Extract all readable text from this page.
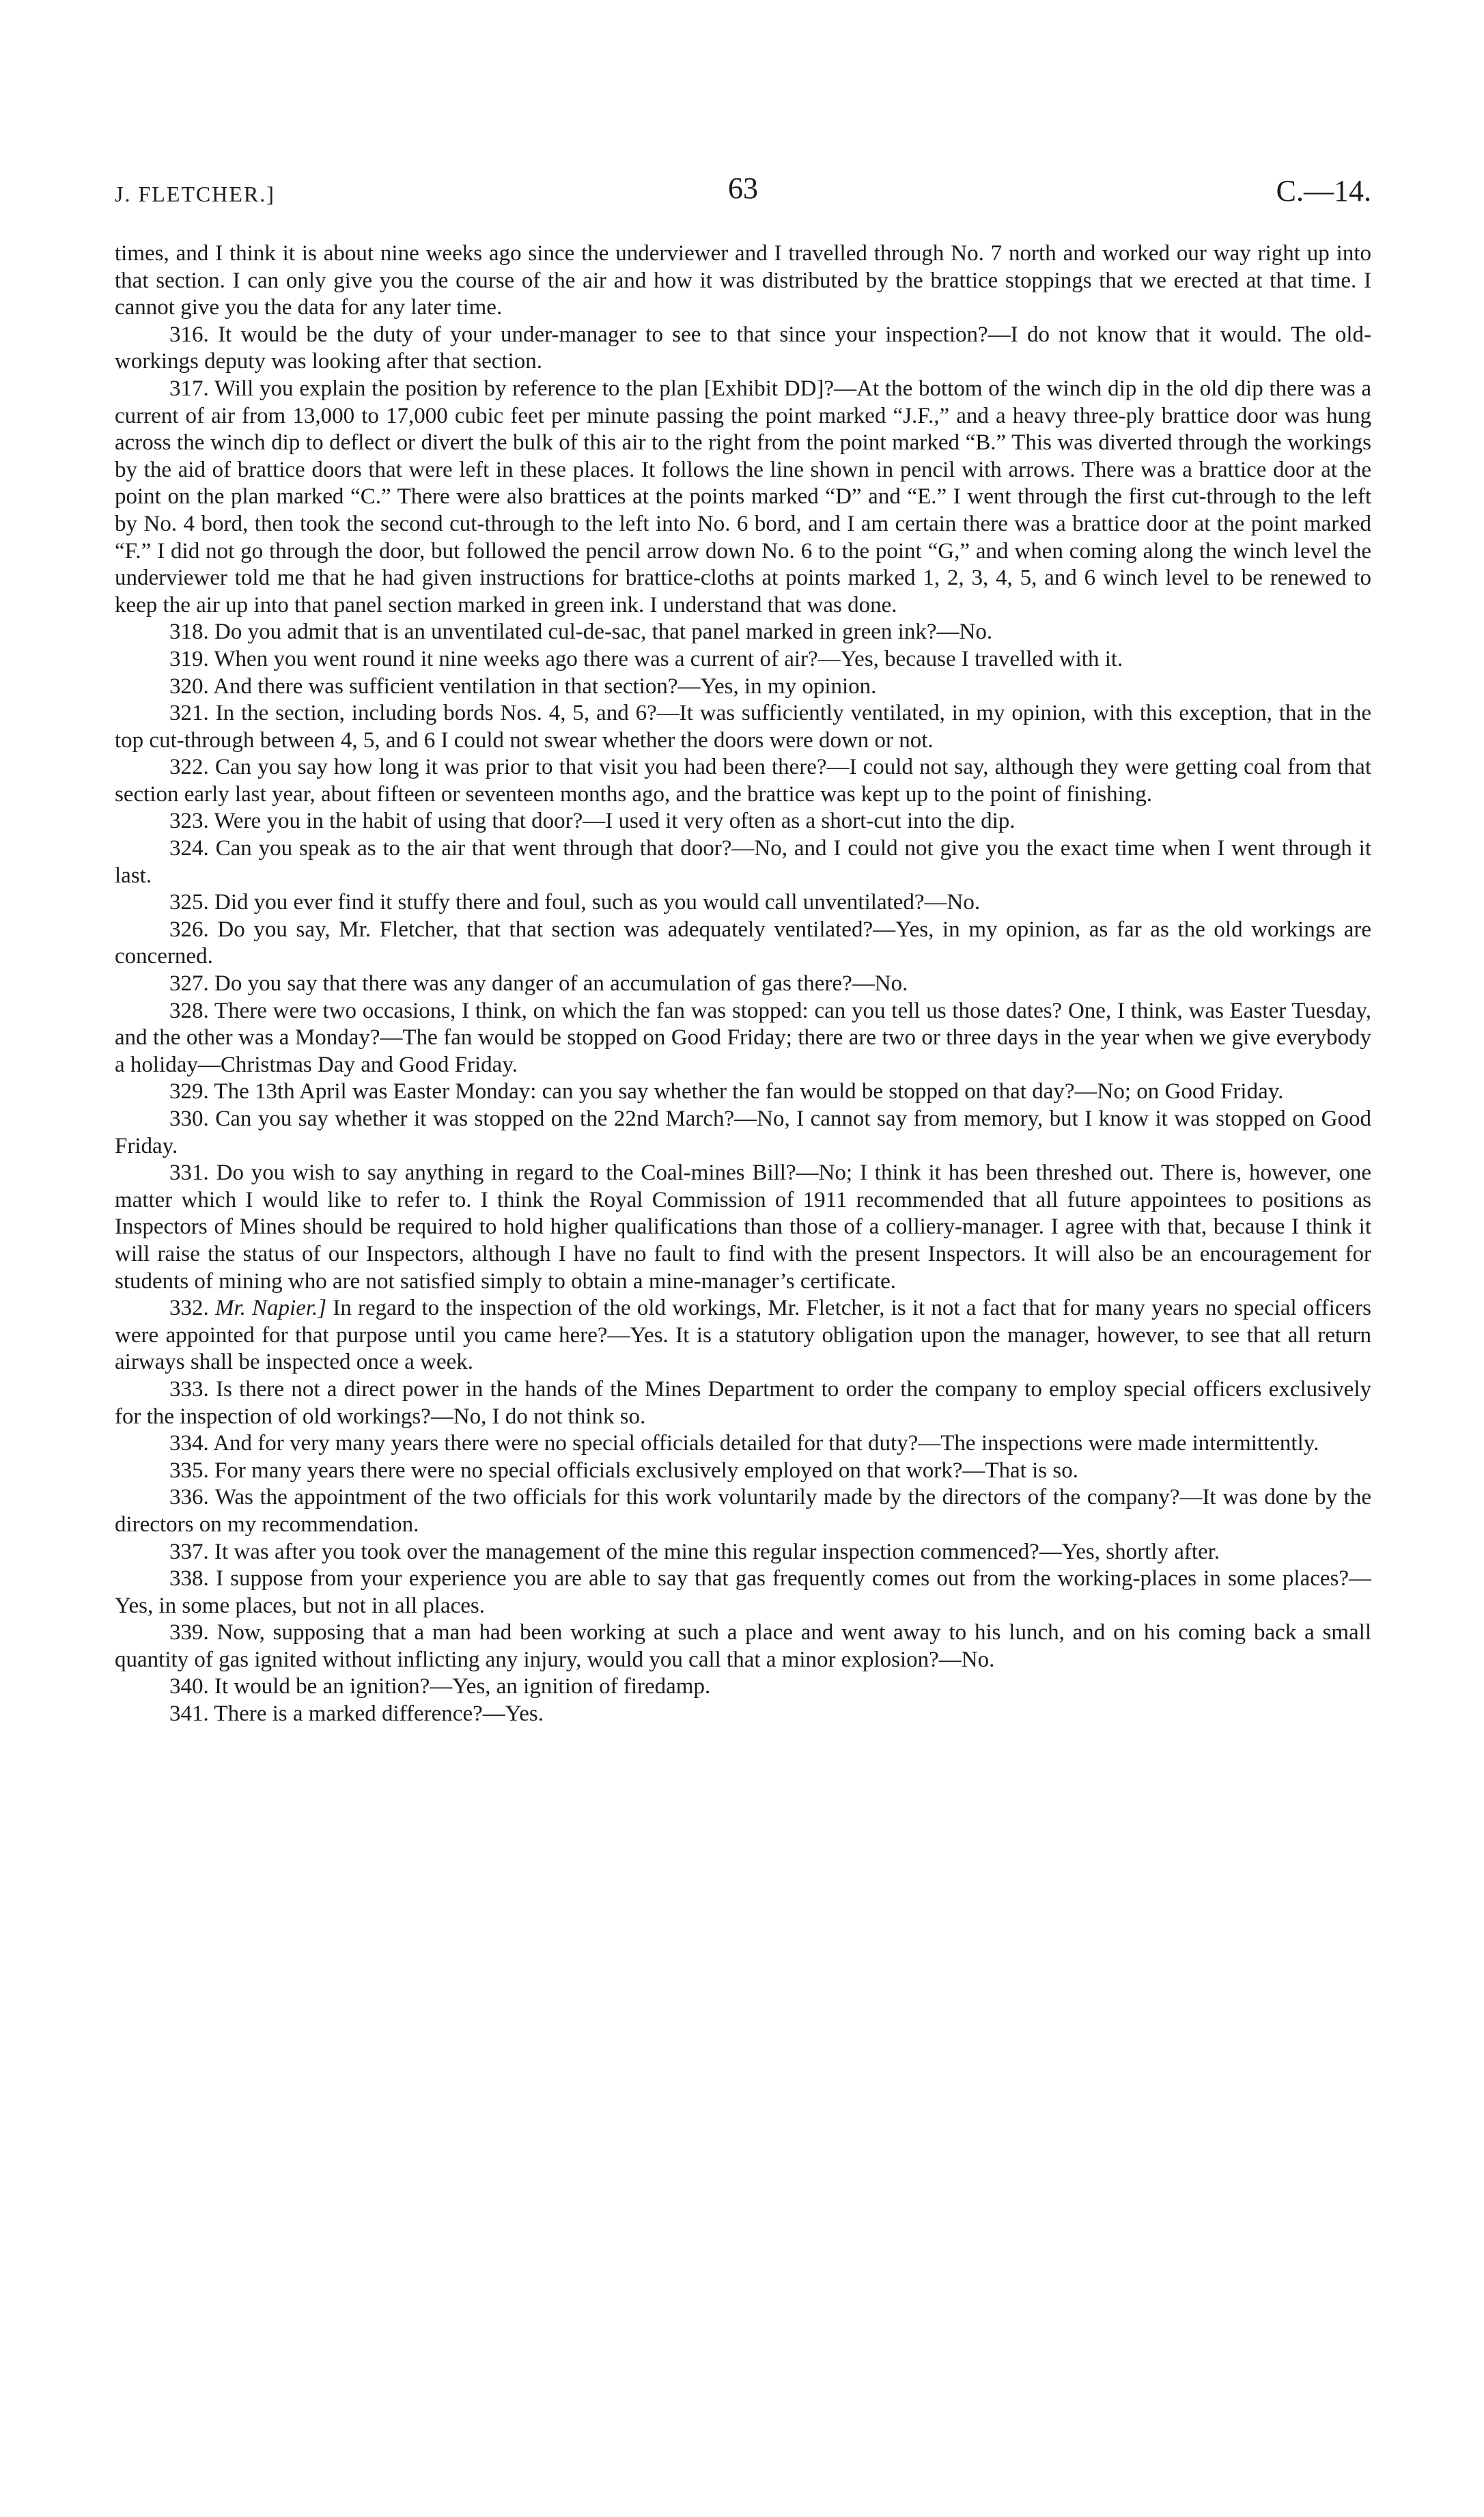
J. FLETCHER.]	63	C.—14.

times, and I think it is about nine weeks ago since the underviewer and I travelled through No. 7 north and worked our way right up into that section. I can only give you the course of the air and how it was distributed by the brattice stoppings that we erected at that time. I cannot give you the data for any later time.

316. It would be the duty of your under-manager to see to that since your inspection?—I do not know that it would. The old-workings deputy was looking after that section.

317. Will you explain the position by reference to the plan [Exhibit DD]?—At the bottom of the winch dip in the old dip there was a current of air from 13,000 to 17,000 cubic feet per minute passing the point marked “J.F.,” and a heavy three-ply brattice door was hung across the winch dip to deflect or divert the bulk of this air to the right from the point marked “B.” This was diverted through the workings by the aid of brattice doors that were left in these places. It follows the line shown in pencil with arrows. There was a brattice door at the point on the plan marked “C.” There were also brattices at the points marked “D” and “E.” I went through the first cut-through to the left by No. 4 bord, then took the second cut-through to the left into No. 6 bord, and I am certain there was a brattice door at the point marked “F.” I did not go through the door, but followed the pencil arrow down No. 6 to the point “G,” and when coming along the winch level the underviewer told me that he had given instructions for brattice-cloths at points marked 1, 2, 3, 4, 5, and 6 winch level to be renewed to keep the air up into that panel section marked in green ink. I understand that was done.

318. Do you admit that is an unventilated cul-de-sac, that panel marked in green ink?—No.

319. When you went round it nine weeks ago there was a current of air?—Yes, because I travelled with it.

320. And there was sufficient ventilation in that section?—Yes, in my opinion.

321. In the section, including bords Nos. 4, 5, and 6?—It was sufficiently ventilated, in my opinion, with this exception, that in the top cut-through between 4, 5, and 6 I could not swear whether the doors were down or not.

322. Can you say how long it was prior to that visit you had been there?—I could not say, although they were getting coal from that section early last year, about fifteen or seventeen months ago, and the brattice was kept up to the point of finishing.

323. Were you in the habit of using that door?—I used it very often as a short-cut into the dip.

324. Can you speak as to the air that went through that door?—No, and I could not give you the exact time when I went through it last.

325. Did you ever find it stuffy there and foul, such as you would call unventilated?—No.

326. Do you say, Mr. Fletcher, that that section was adequately ventilated?—Yes, in my opinion, as far as the old workings are concerned.

327. Do you say that there was any danger of an accumulation of gas there?—No.

328. There were two occasions, I think, on which the fan was stopped: can you tell us those dates? One, I think, was Easter Tuesday, and the other was a Monday?—The fan would be stopped on Good Friday; there are two or three days in the year when we give everybody a holiday—Christmas Day and Good Friday.

329. The 13th April was Easter Monday: can you say whether the fan would be stopped on that day?—No; on Good Friday.

330. Can you say whether it was stopped on the 22nd March?—No, I cannot say from memory, but I know it was stopped on Good Friday.

331. Do you wish to say anything in regard to the Coal-mines Bill?—No; I think it has been threshed out. There is, however, one matter which I would like to refer to. I think the Royal Commission of 1911 recommended that all future appointees to positions as Inspectors of Mines should be required to hold higher qualifications than those of a colliery-manager. I agree with that, because I think it will raise the status of our Inspectors, although I have no fault to find with the present Inspectors. It will also be an encouragement for students of mining who are not satisfied simply to obtain a mine-manager’s certificate.

332. Mr. Napier.] In regard to the inspection of the old workings, Mr. Fletcher, is it not a fact that for many years no special officers were appointed for that purpose until you came here?—Yes. It is a statutory obligation upon the manager, however, to see that all return airways shall be inspected once a week.

333. Is there not a direct power in the hands of the Mines Department to order the company to employ special officers exclusively for the inspection of old workings?—No, I do not think so.

334. And for very many years there were no special officials detailed for that duty?—The inspections were made intermittently.

335. For many years there were no special officials exclusively employed on that work?—That is so.

336. Was the appointment of the two officials for this work voluntarily made by the directors of the company?—It was done by the directors on my recommendation.

337. It was after you took over the management of the mine this regular inspection commenced?—Yes, shortly after.

338. I suppose from your experience you are able to say that gas frequently comes out from the working-places in some places?—Yes, in some places, but not in all places.

339. Now, supposing that a man had been working at such a place and went away to his lunch, and on his coming back a small quantity of gas ignited without inflicting any injury, would you call that a minor explosion?—No.

340. It would be an ignition?—Yes, an ignition of firedamp.

341. There is a marked difference?—Yes.
